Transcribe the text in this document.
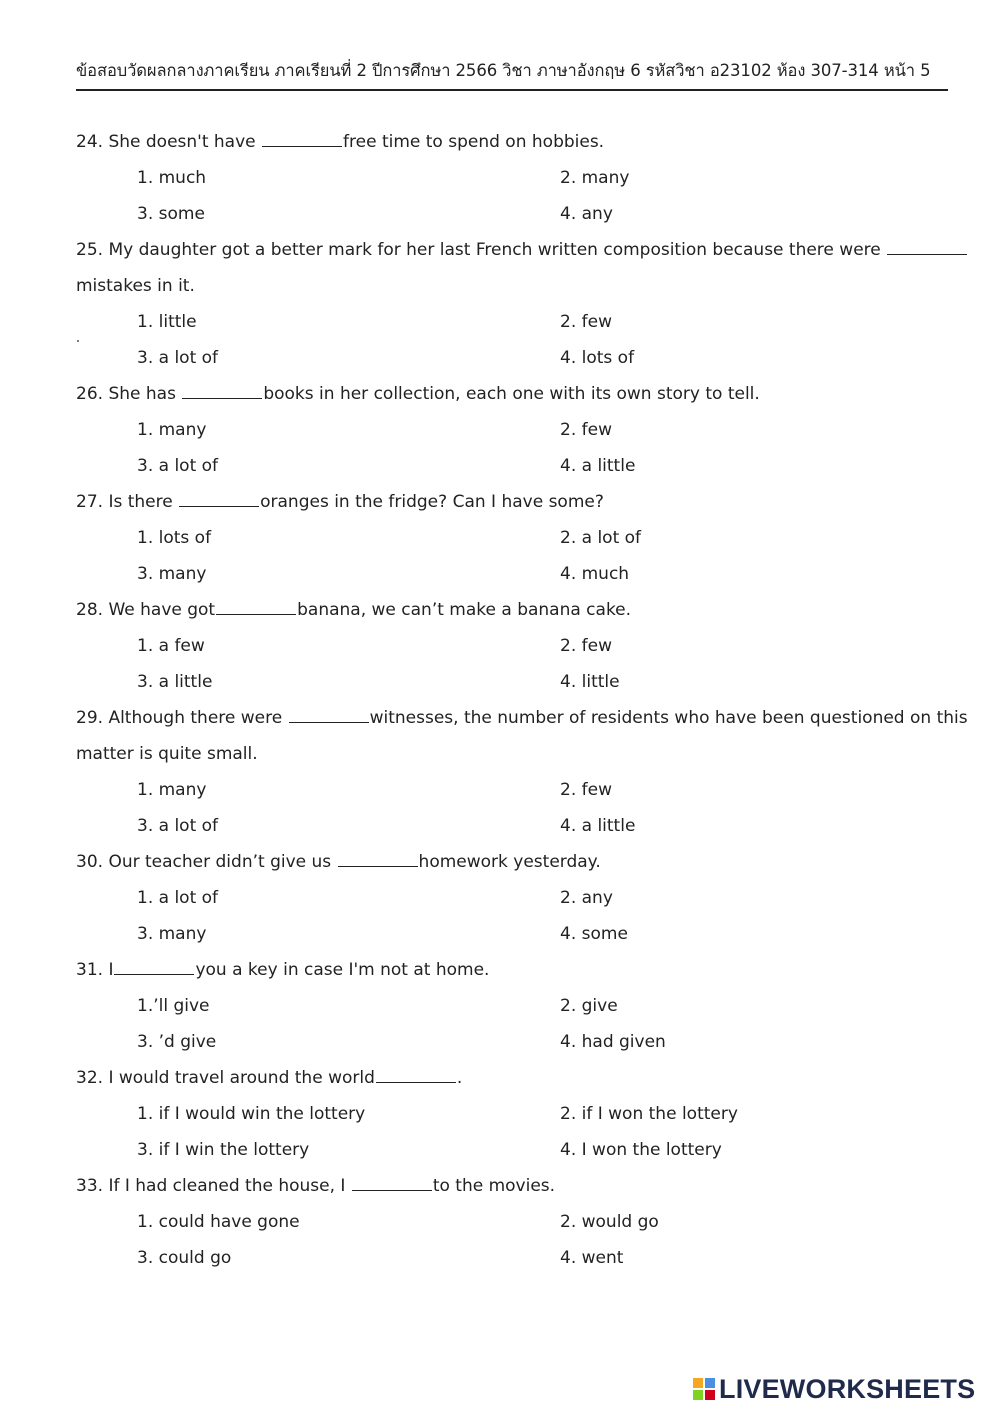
ข้อสอบวัดผลกลางภาคเรียน ภาคเรียนที่ 2 ปีการศึกษา 2566 วิชา ภาษาอังกฤษ 6 รหัสวิชา อ23102 ห้อง 307-314 หน้า 5
24. She doesn't have	free time to spend on hobbies.
1. much	2. many
3. some	4. any
25. My daughter got a better mark for her last French written composition because there were
mistakes in it.
1. little	2. few
3. a lot of	4. lots of
26. She has	books in her collection, each one with its own story to tell.
1. many	2. few
3. a lot of	4. a little
27. Is there	oranges in the fridge? Can I have some?
1. lots of	2. a lot of
3. many	4. much
28. We have got	banana, we can’t make a banana cake.
1. a few	2. few
3. a little	4. little
29. Although there were	witnesses, the number of residents who have been questioned on this
matter is quite small.
1. many	2. few
3. a lot of	4. a little
30. Our teacher didn’t give us	homework yesterday.
1. a lot of	2. any
3. many	4. some
31. I	you a key in case I'm not at home.
1.’ll give	2. give
3. ’d give	4. had given
32. I would travel around the world	.
1. if I would win the lottery	2. if I won the lottery
3. if I win the lottery	4. I won the lottery
33. If I had cleaned the house, I	to the movies.
1. could have gone	2. would go
3. could go	4. went
LIVEWORKSHEETS
